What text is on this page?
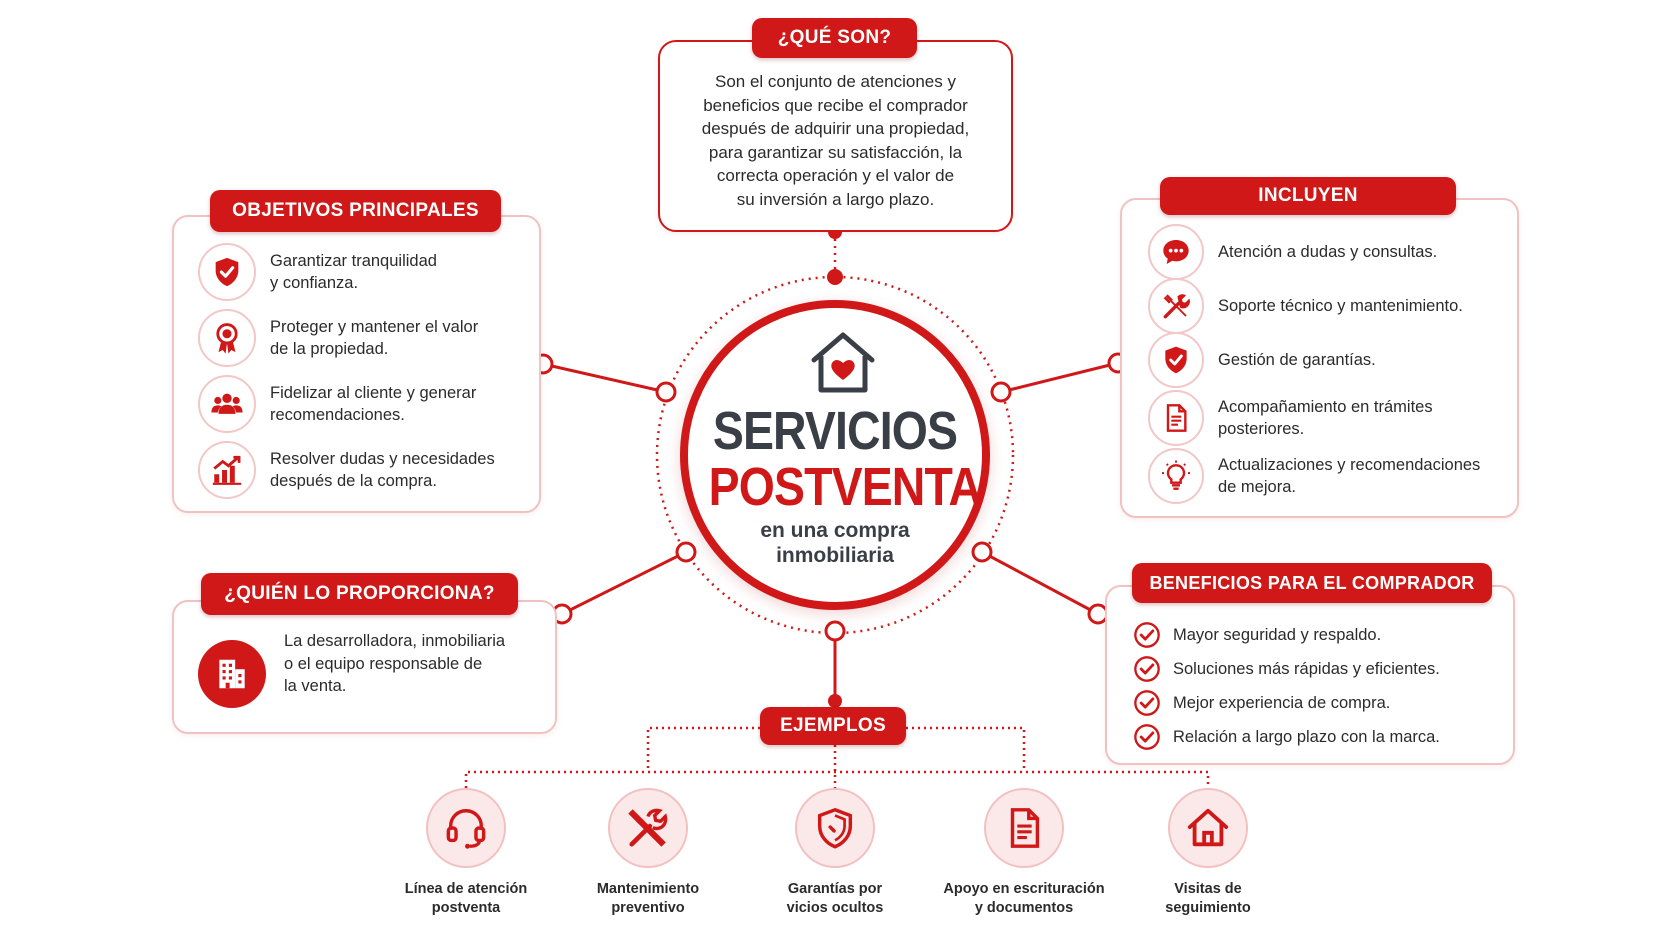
Son el conjunto de atenciones y
beneficios que recibe el comprador
después de adquirir una propiedad,
para garantizar su satisfacción, la
correcta operación y el valor de
su inversión a largo plazo.
¿QUÉ SON?
Garantizar tranquilidad
y confianza.
Proteger y mantener el valor
de la propiedad.
Fidelizar al cliente y generar
recomendaciones.
Resolver dudas y necesidades
después de la compra.
OBJETIVOS PRINCIPALES
Atención a dudas y consultas.
Soporte técnico y mantenimiento.
Gestión de garantías.
Acompañamiento en trámites
posteriores.
Actualizaciones y recomendaciones
de mejora.
INCLUYEN
La desarrolladora, inmobiliaria
o el equipo responsable de
la venta.
¿QUIÉN LO PROPORCIONA?
Mayor seguridad y respaldo.
Soluciones más rápidas y eficientes.
Mejor experiencia de compra.
Relación a largo plazo con la marca.
BENEFICIOS PARA EL COMPRADOR
SERVICIOS
POSTVENTA
en una compra
inmobiliaria
EJEMPLOS
Línea de atención
postventa
Mantenimiento
preventivo
Garantías por
vicios ocultos
Apoyo en escrituración
y documentos
Visitas de
seguimiento
